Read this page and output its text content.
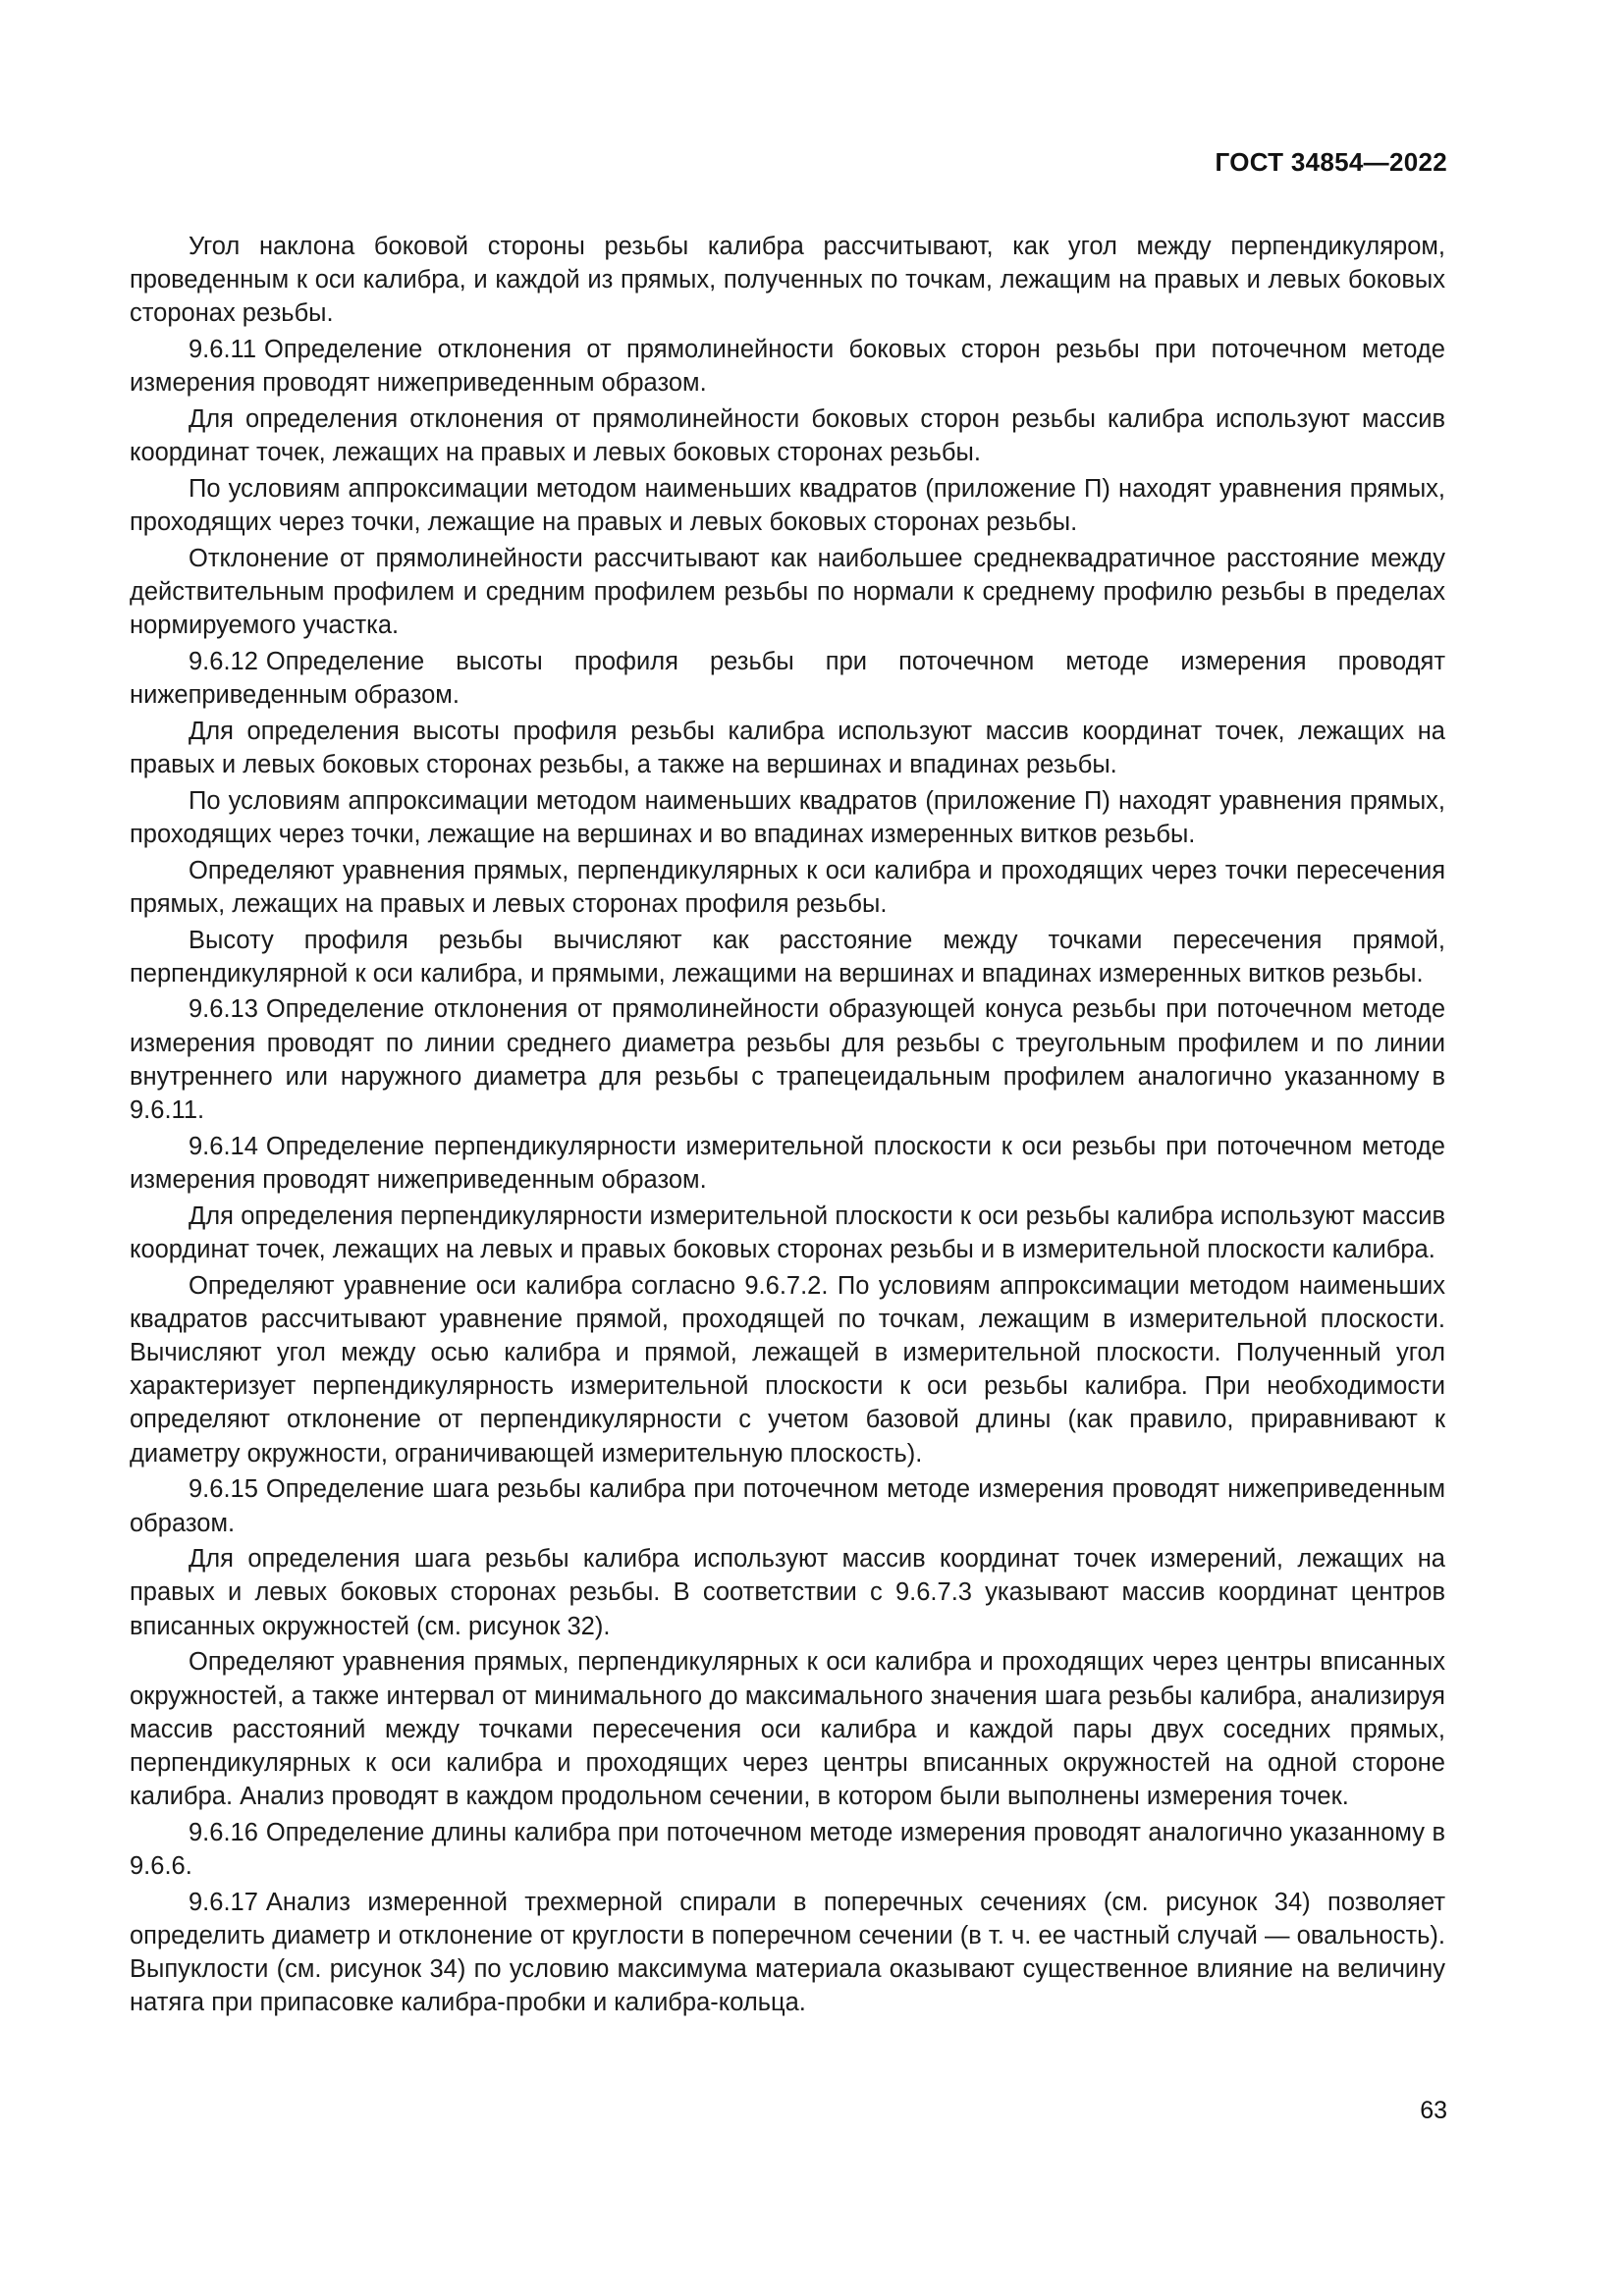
ГОСТ 34854—2022

Угол наклона боковой стороны резьбы калибра рассчитывают, как угол между перпендикуляром, проведенным к оси калибра, и каждой из прямых, полученных по точкам, лежащим на правых и левых боковых сторонах резьбы.

9.6.11 Определение отклонения от прямолинейности боковых сторон резьбы при поточечном методе измерения проводят нижеприведенным образом.

Для определения отклонения от прямолинейности боковых сторон резьбы калибра используют массив координат точек, лежащих на правых и левых боковых сторонах резьбы.

По условиям аппроксимации методом наименьших квадратов (приложение П) находят уравнения прямых, проходящих через точки, лежащие на правых и левых боковых сторонах резьбы.

Отклонение от прямолинейности рассчитывают как наибольшее среднеквадратичное расстояние между действительным профилем и средним профилем резьбы по нормали к среднему профилю резьбы в пределах нормируемого участка.

9.6.12 Определение высоты профиля резьбы при поточечном методе измерения проводят нижеприведенным образом.

Для определения высоты профиля резьбы калибра используют массив координат точек, лежащих на правых и левых боковых сторонах резьбы, а также на вершинах и впадинах резьбы.

По условиям аппроксимации методом наименьших квадратов (приложение П) находят уравнения прямых, проходящих через точки, лежащие на вершинах и во впадинах измеренных витков резьбы.

Определяют уравнения прямых, перпендикулярных к оси калибра и проходящих через точки пересечения прямых, лежащих на правых и левых сторонах профиля резьбы.

Высоту профиля резьбы вычисляют как расстояние между точками пересечения прямой, перпендикулярной к оси калибра, и прямыми, лежащими на вершинах и впадинах измеренных витков резьбы.

9.6.13 Определение отклонения от прямолинейности образующей конуса резьбы при поточечном методе измерения проводят по линии среднего диаметра резьбы для резьбы с треугольным профилем и по линии внутреннего или наружного диаметра для резьбы с трапецеидальным профилем аналогично указанному в 9.6.11.

9.6.14 Определение перпендикулярности измерительной плоскости к оси резьбы при поточечном методе измерения проводят нижеприведенным образом.

Для определения перпендикулярности измерительной плоскости к оси резьбы калибра используют массив координат точек, лежащих на левых и правых боковых сторонах резьбы и в измерительной плоскости калибра.

Определяют уравнение оси калибра согласно 9.6.7.2. По условиям аппроксимации методом наименьших квадратов рассчитывают уравнение прямой, проходящей по точкам, лежащим в измерительной плоскости. Вычисляют угол между осью калибра и прямой, лежащей в измерительной плоскости. Полученный угол характеризует перпендикулярность измерительной плоскости к оси резьбы калибра. При необходимости определяют отклонение от перпендикулярности с учетом базовой длины (как правило, приравнивают к диаметру окружности, ограничивающей измерительную плоскость).

9.6.15 Определение шага резьбы калибра при поточечном методе измерения проводят нижеприведенным образом.

Для определения шага резьбы калибра используют массив координат точек измерений, лежащих на правых и левых боковых сторонах резьбы. В соответствии с 9.6.7.3 указывают массив координат центров вписанных окружностей (см. рисунок 32).

Определяют уравнения прямых, перпендикулярных к оси калибра и проходящих через центры вписанных окружностей, а также интервал от минимального до максимального значения шага резьбы калибра, анализируя массив расстояний между точками пересечения оси калибра и каждой пары двух соседних прямых, перпендикулярных к оси калибра и проходящих через центры вписанных окружностей на одной стороне калибра. Анализ проводят в каждом продольном сечении, в котором были выполнены измерения точек.

9.6.16 Определение длины калибра при поточечном методе измерения проводят аналогично указанному в 9.6.6.

9.6.17 Анализ измеренной трехмерной спирали в поперечных сечениях (см. рисунок 34) позволяет определить диаметр и отклонение от круглости в поперечном сечении (в т. ч. ее частный случай — овальность). Выпуклости (см. рисунок 34) по условию максимума материала оказывают существенное влияние на величину натяга при припасовке калибра-пробки и калибра-кольца.

63
